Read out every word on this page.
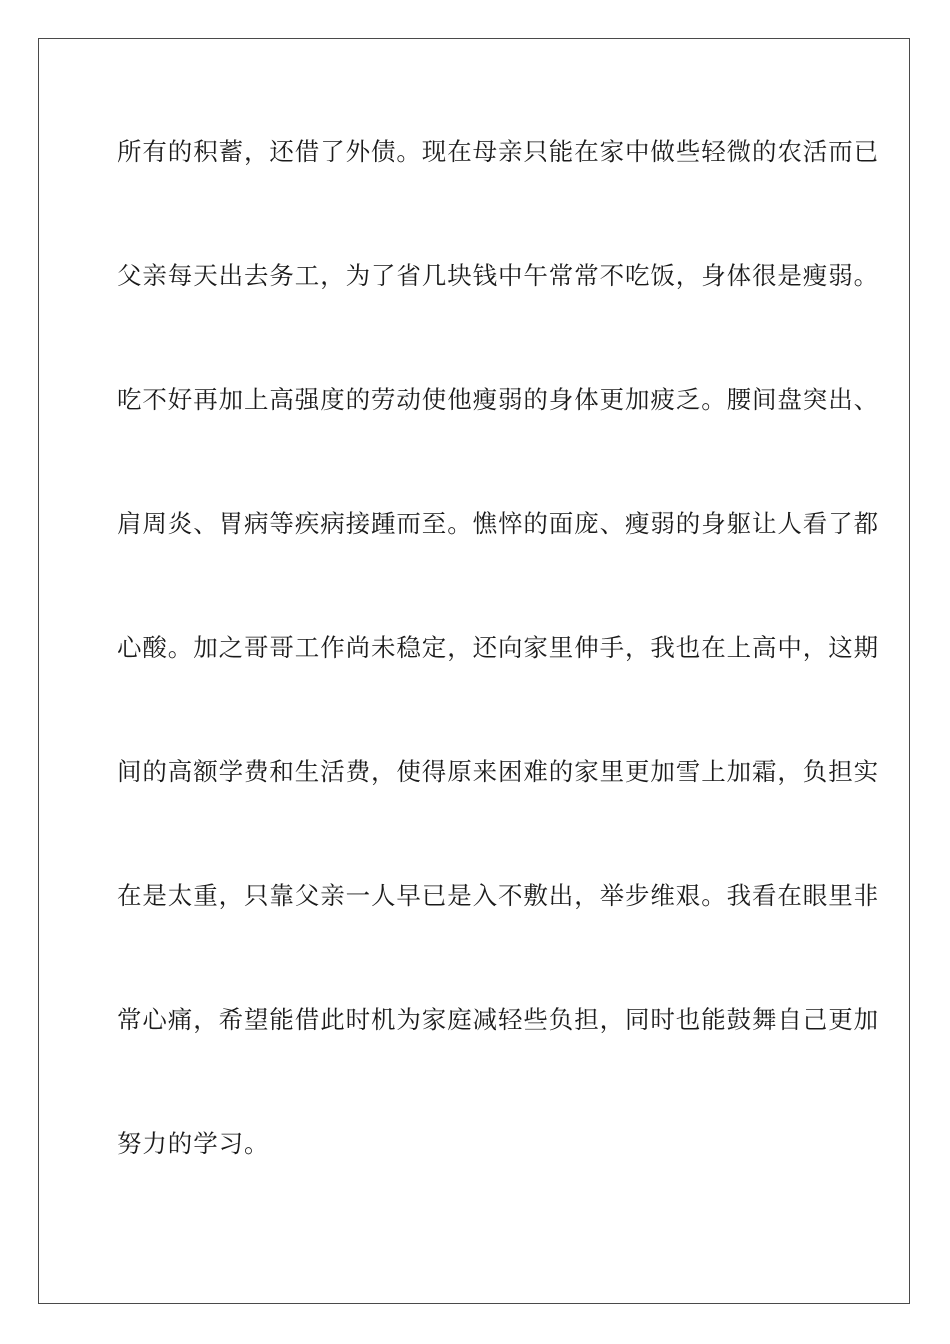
所有的积蓄，还借了外债。现在母亲只能在家中做些轻微的农活而已
父亲每天出去务工，为了省几块钱中午常常不吃饭，身体很是瘦弱。
吃不好再加上高强度的劳动使他瘦弱的身体更加疲乏。腰间盘突出、
肩周炎、胃病等疾病接踵而至。憔悴的面庞、瘦弱的身躯让人看了都
心酸。加之哥哥工作尚未稳定，还向家里伸手，我也在上高中，这期
间的高额学费和生活费，使得原来困难的家里更加雪上加霜，负担实
在是太重，只靠父亲一人早已是入不敷出，举步维艰。我看在眼里非
常心痛，希望能借此时机为家庭减轻些负担，同时也能鼓舞自己更加
努力的学习。
